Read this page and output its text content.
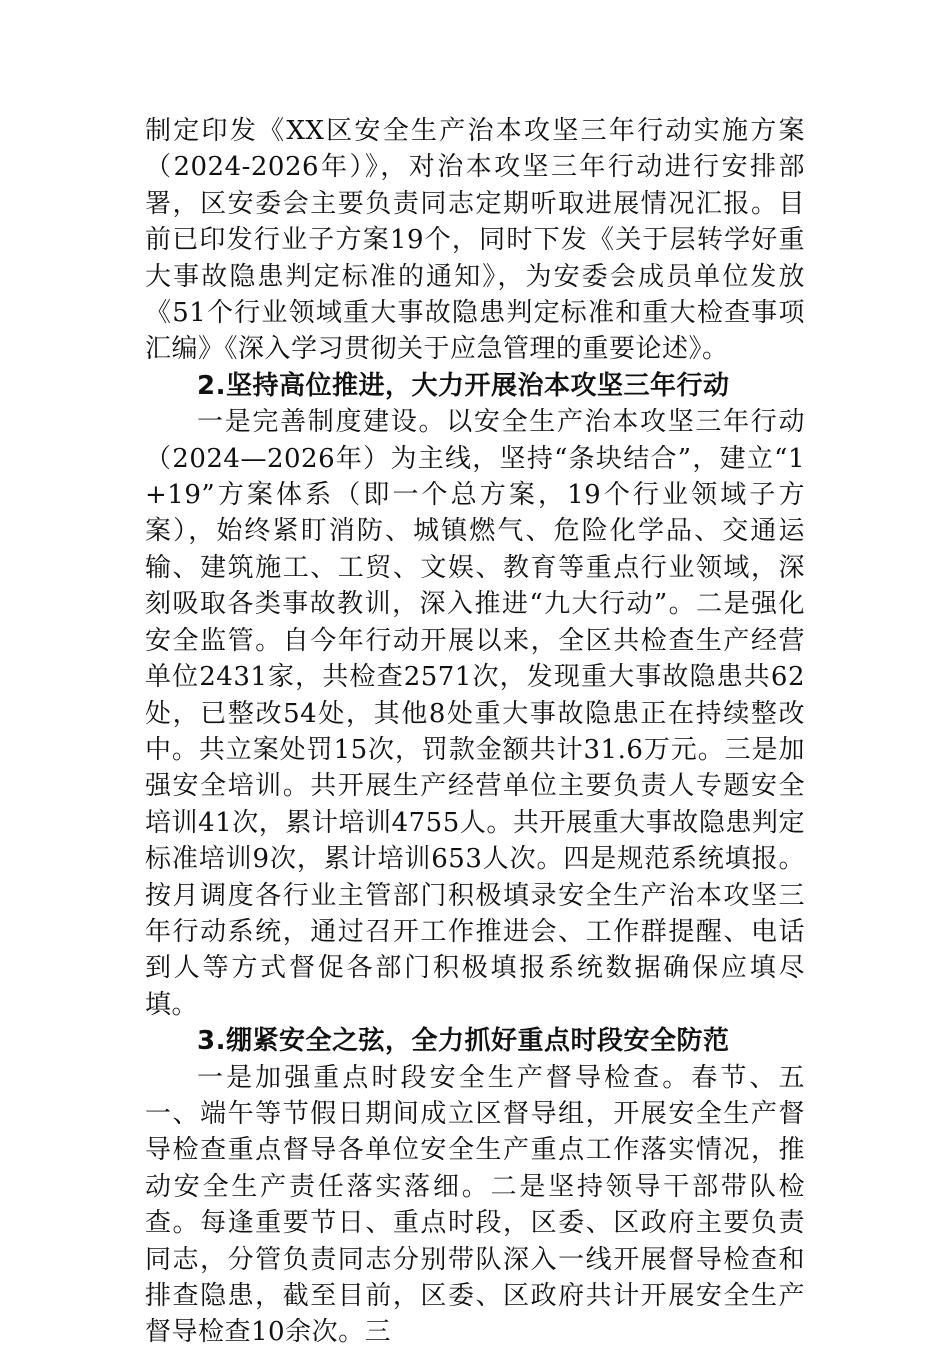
制定印发《XX区安全生产治本攻坚三年行动实施方案（2024-2026年）》，对治本攻坚三年行动进行安排部署，区安委会主要负责同志定期听取进展情况汇报。目前已印发行业子方案19个，同时下发《关于层转学好重大事故隐患判定标准的通知》，为安委会成员单位发放《51个行业领域重大事故隐患判定标准和重大检查事项汇编》《深入学习贯彻关于应急管理的重要论述》。

2.坚持高位推进，大力开展治本攻坚三年行动

一是完善制度建设。以安全生产治本攻坚三年行动（2024—2026年）为主线，坚持“条块结合”，建立“1+19”方案体系（即一个总方案，19个行业领域子方案），始终紧盯消防、城镇燃气、危险化学品、交通运输、建筑施工、工贸、文娱、教育等重点行业领域，深刻吸取各类事故教训，深入推进“九大行动”。二是强化安全监管。自今年行动开展以来，全区共检查生产经营单位2431家，共检查2571次，发现重大事故隐患共62处，已整改54处，其他8处重大事故隐患正在持续整改中。共立案处罚15次，罚款金额共计31.6万元。三是加强安全培训。共开展生产经营单位主要负责人专题安全培训41次，累计培训4755人。共开展重大事故隐患判定标准培训9次，累计培训653人次。四是规范系统填报。按月调度各行业主管部门积极填录安全生产治本攻坚三年行动系统，通过召开工作推进会、工作群提醒、电话到人等方式督促各部门积极填报系统数据确保应填尽填。

3.绷紧安全之弦，全力抓好重点时段安全防范

一是加强重点时段安全生产督导检查。春节、五一、端午等节假日期间成立区督导组，开展安全生产督导检查重点督导各单位安全生产重点工作落实情况，推动安全生产责任落实落细。二是坚持领导干部带队检查。每逢重要节日、重点时段，区委、区政府主要负责同志，分管负责同志分别带队深入一线开展督导检查和排查隐患，截至目前，区委、区政府共计开展安全生产督导检查10余次。三
